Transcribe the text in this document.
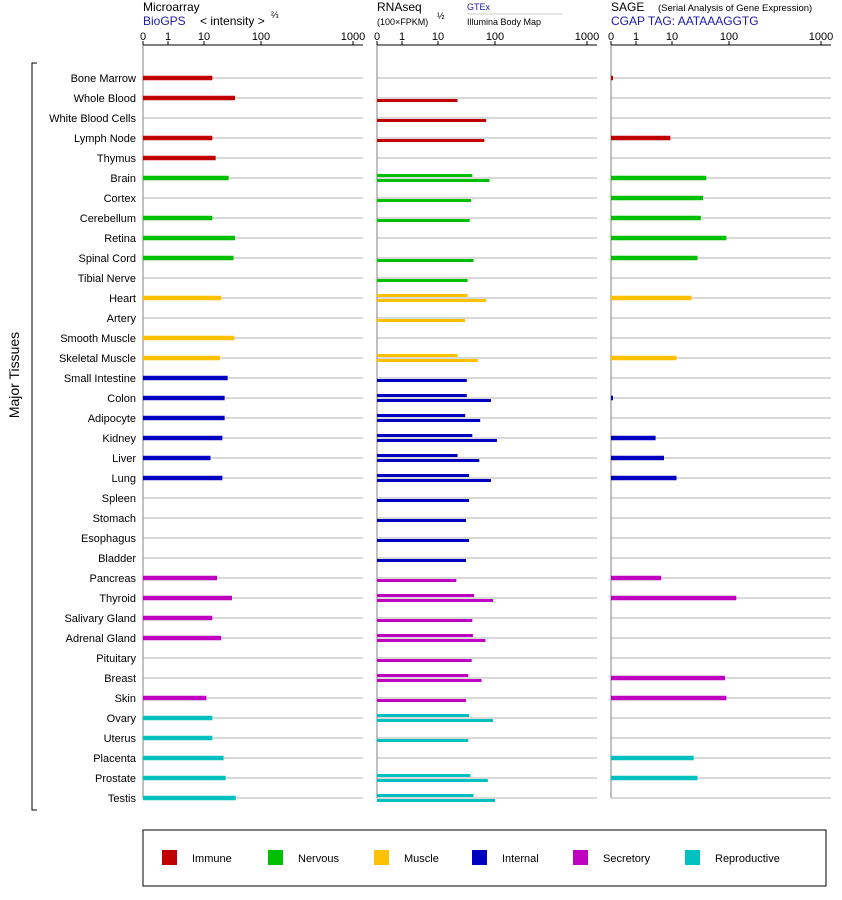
Microarray
BioGPS < intensity > ⅔
RNAseq
(100×FPKM)
½
GTEx
Illumina Body Map
SAGE (Serial Analysis of Gene Expression)
CGAP TAG: AATAAAGGTG
Major Tissues
0 1 10	100	1000 0 1 10	100	1000 0 1 10	100	1000
Bone Marrow
Whole Blood
White Blood Cells
Lymph Node
Thymus
Brain
Cortex
Cerebellum
Retina
Spinal Cord
Tibial Nerve
Heart
Artery
Smooth Muscle
Skeletal Muscle
Small Intestine
Colon
Adipocyte
Kidney
Liver
Lung
Spleen
Stomach
Esophagus
Bladder
Pancreas
Thyroid
Salivary Gland
Adrenal Gland
Pituitary
Breast
Skin
Ovary
Uterus
Placenta
Prostate
Testis
Immune	Nervous	Muscle	Internal	Secretory	Reproductive
